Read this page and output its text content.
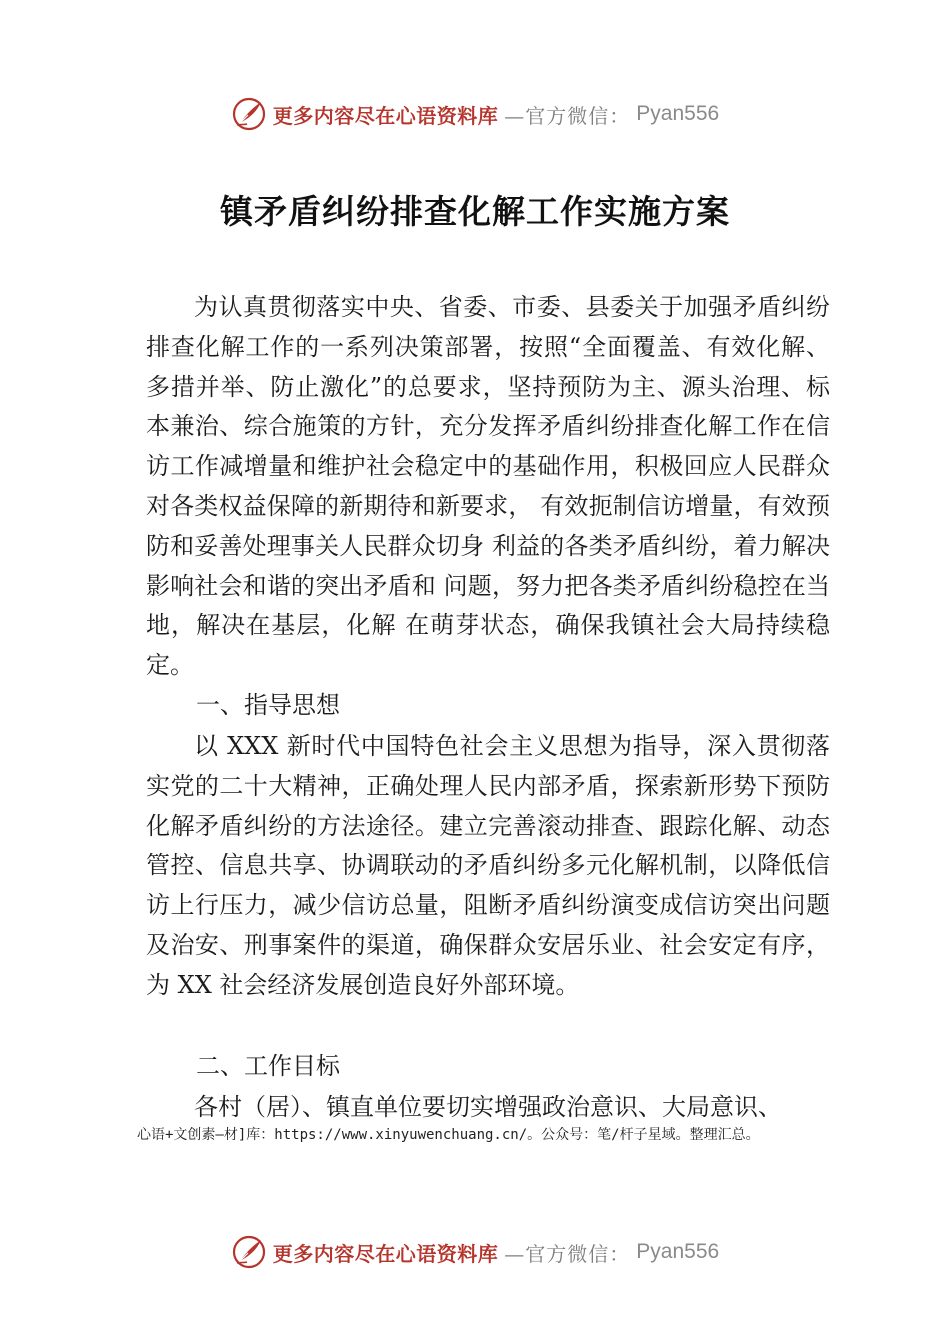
更多内容尽在心语资料库 —官方微信： Pyan556
镇矛盾纠纷排查化解工作实施方案

为认真贯彻落实中央、省委、市委、县委关于加强矛盾纠纷排查化解工作的一系列决策部署，按照“全面覆盖、有效化解、多措并举、防止激化”的总要求，坚持预防为主、源头治理、标本兼治、综合施策的方针，充分发挥矛盾纠纷排查化解工作在信访工作减增量和维护社会稳定中的基础作用，积极回应人民群众对各类权益保障的新期待和新要求， 有效扼制信访增量，有效预防和妥善处理事关人民群众切身 利益的各类矛盾纠纷，着力解决影响社会和谐的突出矛盾和 问题，努力把各类矛盾纠纷稳控在当地，解决在基层，化解 在萌芽状态，确保我镇社会大局持续稳定。

一、指导思想

以 XXX 新时代中国特色社会主义思想为指导，深入贯彻落实党的二十大精神，正确处理人民内部矛盾，探索新形势下预防化解矛盾纠纷的方法途径。建立完善滚动排查、跟踪化解、动态管控、信息共享、协调联动的矛盾纠纷多元化解机制，以降低信访上行压力，减少信访总量，阻断矛盾纠纷演变成信访突出问题及治安、刑事案件的渠道，确保群众安居乐业、社会安定有序，为 XX 社会经济发展创造良好外部环境。

二、工作目标

各村（居）、镇直单位要切实增强政治意识、大局意识、

心语+文创素—材]库：https://www.xinyuwenchuang.cn/。公众号：笔/杆子星域。整理汇总。
更多内容尽在心语资料库 —官方微信： Pyan556
